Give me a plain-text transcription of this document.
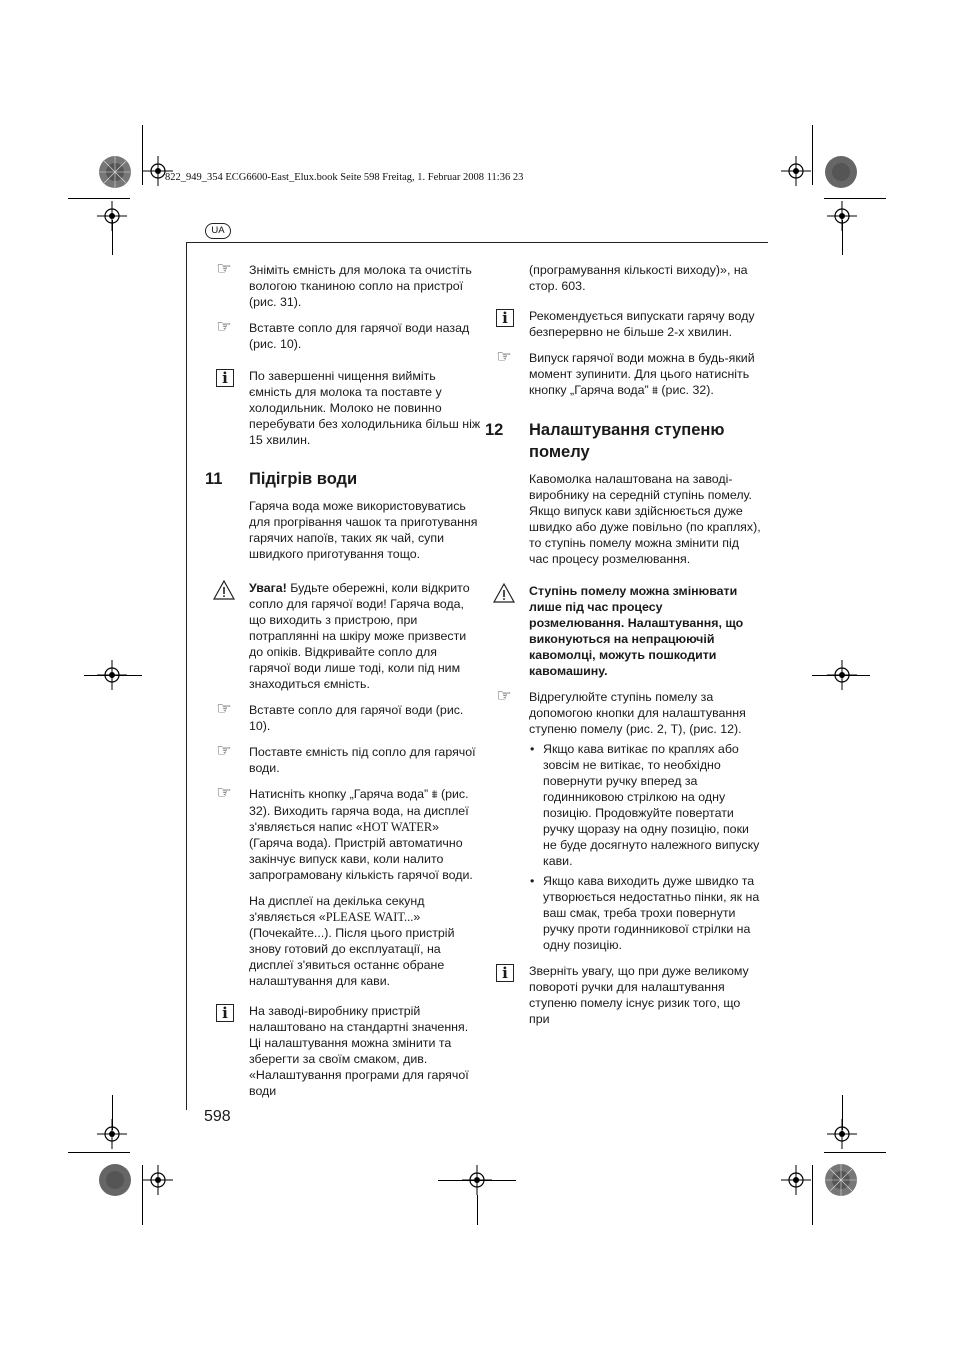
822_949_354 ECG6600-East_Elux.book Seite 598 Freitag, 1. Februar 2008 11:36 23
UA
☞ Зніміть ємність для молока та очистіть вологою тканиною сопло на пристрої (рис. 31).
☞ Вставте сопло для гарячої води назад (рис. 10).
i	По завершенні чищення вийміть ємність для молока та поставте у холодильник. Молоко не повинно перебувати без холодильника більш ніж 15 хвилин.
11 Підігрів води
Гаряча вода може використовуватись для прогрівання чашок та приготування гарячих напоїв, таких як чай, супи швидкого приготування тощо.
Увага! Будьте обережні, коли відкрито сопло для гарячої води! Гаряча вода, що виходить з пристрою, при потраплянні на шкіру може призвести до опіків. Відкривайте сопло для гарячої води лише тоді, коли під ним знаходиться ємність.
☞ Вставте сопло для гарячої води (рис. 10).
☞ Поставте ємність під сопло для гарячої води.
☞ Натисніть кнопку „Гаряча вода” ⩩ (рис. 32). Виходить гаряча вода, на дисплеї з'являється напис «HOT WATER» (Гаряча вода). Пристрій автоматично закінчує випуск кави, коли налито запрограмовану кількість гарячої води.
На дисплеї на декілька секунд з'являється «PLEASE WAIT...» (Почекайте...). Після цього пристрій знову готовий до експлуатації, на дисплеї з'явиться останнє обране налаштування для кави.
i	На заводі-виробнику пристрій налаштовано на стандартні значення. Ці налаштування можна змінити та зберегти за своїм смаком, див. «Налаштування програми для гарячої води
(програмування кількості виходу)», на стор. 603.
i	Рекомендується випускати гарячу воду безперервно не більше 2-х хвилин.
☞ Випуск гарячої води можна в будь-який момент зупинити. Для цього натисніть кнопку „Гаряча вода” ⩩ (рис. 32).
12 Налаштування ступеню помелу
Кавомолка налаштована на заводі-виробнику на середній ступінь помелу. Якщо випуск кави здійснюється дуже швидко або дуже повільно (по краплях), то ступінь помелу можна змінити під час процесу розмелювання.
Ступінь помелу можна змінювати лише під час процесу розмелювання. Налаштування, що виконуються на непрацюючій кавомолці, можуть пошкодити кавомашину.
☞ Відрегулюйте ступінь помелу за допомогою кнопки для налаштування ступеню помелу (рис. 2, T), (рис. 12).
• Якщо кава витікає по краплях або зовсім не витікає, то необхідно повернути ручку вперед за годинниковою стрілкою на одну позицію. Продовжуйте повертати ручку щоразу на одну позицію, поки не буде досягнуто належного випуску кави.
• Якщо кава виходить дуже швидко та утворюється недостатньо пінки, як на ваш смак, треба трохи повернути ручку проти годинникової стрілки на одну позицію.
i	Зверніть увагу, що при дуже великому повороті ручки для налаштування ступеню помелу існує ризик того, що при
598
